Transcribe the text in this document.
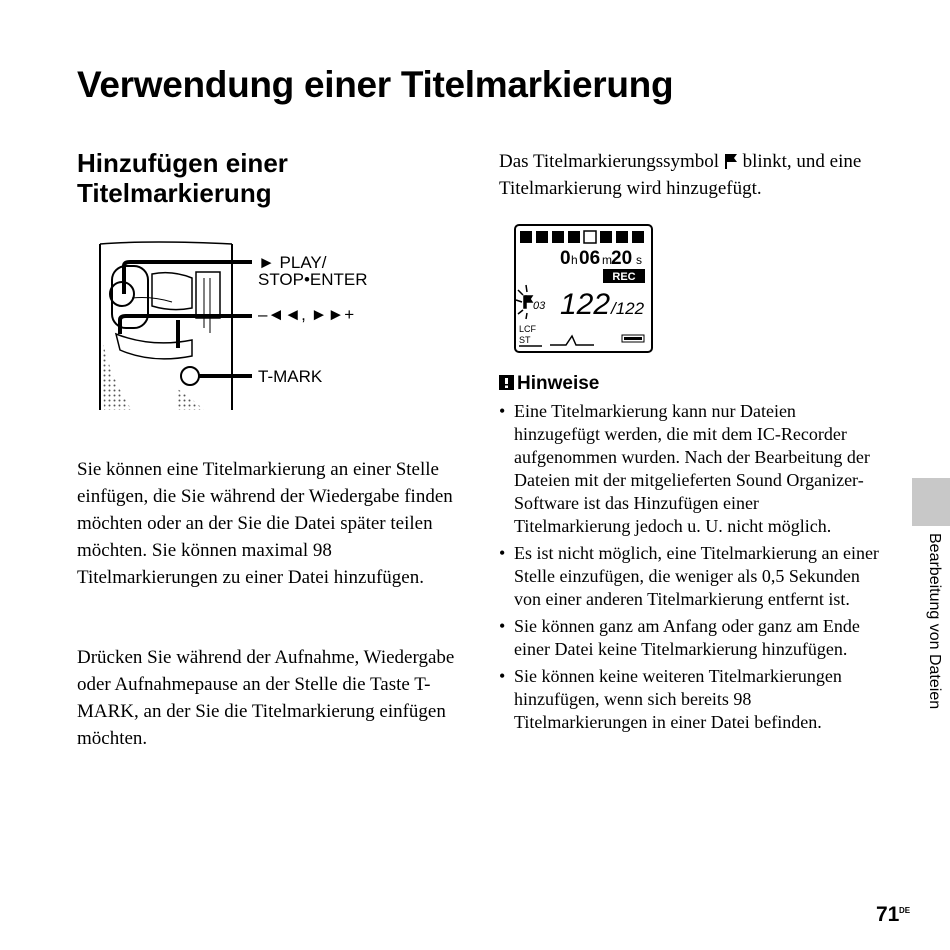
Verwendung einer Titelmarkierung
Hinzufügen einer Titelmarkierung
► PLAY/
STOP•ENTER
–◄◄, ►►+
T-MARK

Sie können eine Titelmarkierung an einer Stelle einfügen, die Sie während der Wiedergabe finden möchten oder an der Sie die Datei später teilen möchten. Sie können maximal 98 Titelmarkierungen zu einer Datei hinzufügen.

Drücken Sie während der Aufnahme, Wiedergabe oder Aufnahmepause an der Stelle die Taste T-MARK, an der Sie die Titelmarkierung einfügen möchten.

Das Titelmarkierungssymbol blinkt, und eine Titelmarkierung wird hinzugefügt.

0 h 06 m 20 s
REC
03 122 /122
LCF
ST
Hinweise
• Eine Titelmarkierung kann nur Dateien hinzugefügt werden, die mit dem IC-Recorder aufgenommen wurden. Nach der Bearbeitung der Dateien mit der mitgelieferten Sound Organizer-Software ist das Hinzufügen einer Titelmarkierung jedoch u. U. nicht möglich.
• Es ist nicht möglich, eine Titelmarkierung an einer Stelle einzufügen, die weniger als 0,5 Sekunden von einer anderen Titelmarkierung entfernt ist.
• Sie können ganz am Anfang oder ganz am Ende einer Datei keine Titelmarkierung hinzufügen.
• Sie können keine weiteren Titelmarkierungen hinzufügen, wenn sich bereits 98 Titelmarkierungen in einer Datei befinden.

Bearbeitung von Dateien

71 DE
